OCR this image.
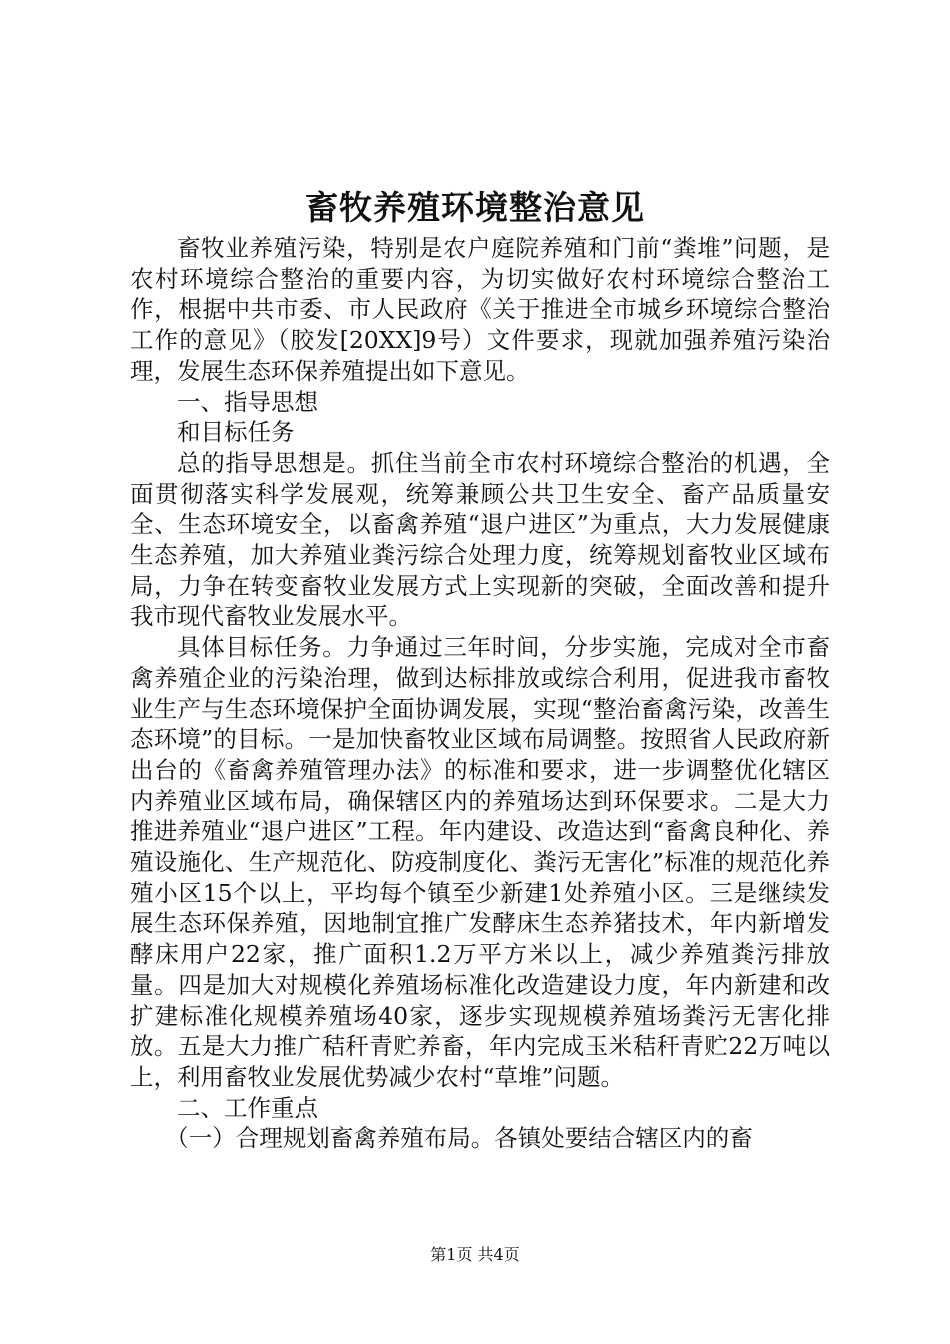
畜牧养殖环境整治意见

畜牧业养殖污染，特别是农户庭院养殖和门前“粪堆”问题，是农村环境综合整治的重要内容，为切实做好农村环境综合整治工作，根据中共市委、市人民政府《关于推进全市城乡环境综合整治工作的意见》（胶发[20XX]9号）文件要求，现就加强养殖污染治理，发展生态环保养殖提出如下意见。

一、指导思想

和目标任务

总的指导思想是。抓住当前全市农村环境综合整治的机遇，全面贯彻落实科学发展观，统筹兼顾公共卫生安全、畜产品质量安全、生态环境安全，以畜禽养殖“退户进区”为重点，大力发展健康生态养殖，加大养殖业粪污综合处理力度，统筹规划畜牧业区域布局，力争在转变畜牧业发展方式上实现新的突破，全面改善和提升我市现代畜牧业发展水平。

具体目标任务。力争通过三年时间，分步实施，完成对全市畜禽养殖企业的污染治理，做到达标排放或综合利用，促进我市畜牧业生产与生态环境保护全面协调发展，实现“整治畜禽污染，改善生态环境”的目标。一是加快畜牧业区域布局调整。按照省人民政府新出台的《畜禽养殖管理办法》的标准和要求，进一步调整优化辖区内养殖业区域布局，确保辖区内的养殖场达到环保要求。二是大力推进养殖业“退户进区”工程。年内建设、改造达到“畜禽良种化、养殖设施化、生产规范化、防疫制度化、粪污无害化”标准的规范化养殖小区15个以上，平均每个镇至少新建1处养殖小区。三是继续发展生态环保养殖，因地制宜推广发酵床生态养猪技术，年内新增发酵床用户22家，推广面积1.2万平方米以上，减少养殖粪污排放量。四是加大对规模化养殖场标准化改造建设力度，年内新建和改扩建标准化规模养殖场40家，逐步实现规模养殖场粪污无害化排放。五是大力推广秸秆青贮养畜，年内完成玉米秸秆青贮22万吨以上，利用畜牧业发展优势减少农村“草堆”问题。

二、工作重点

（一）合理规划畜禽养殖布局。各镇处要结合辖区内的畜

第1页 共4页
